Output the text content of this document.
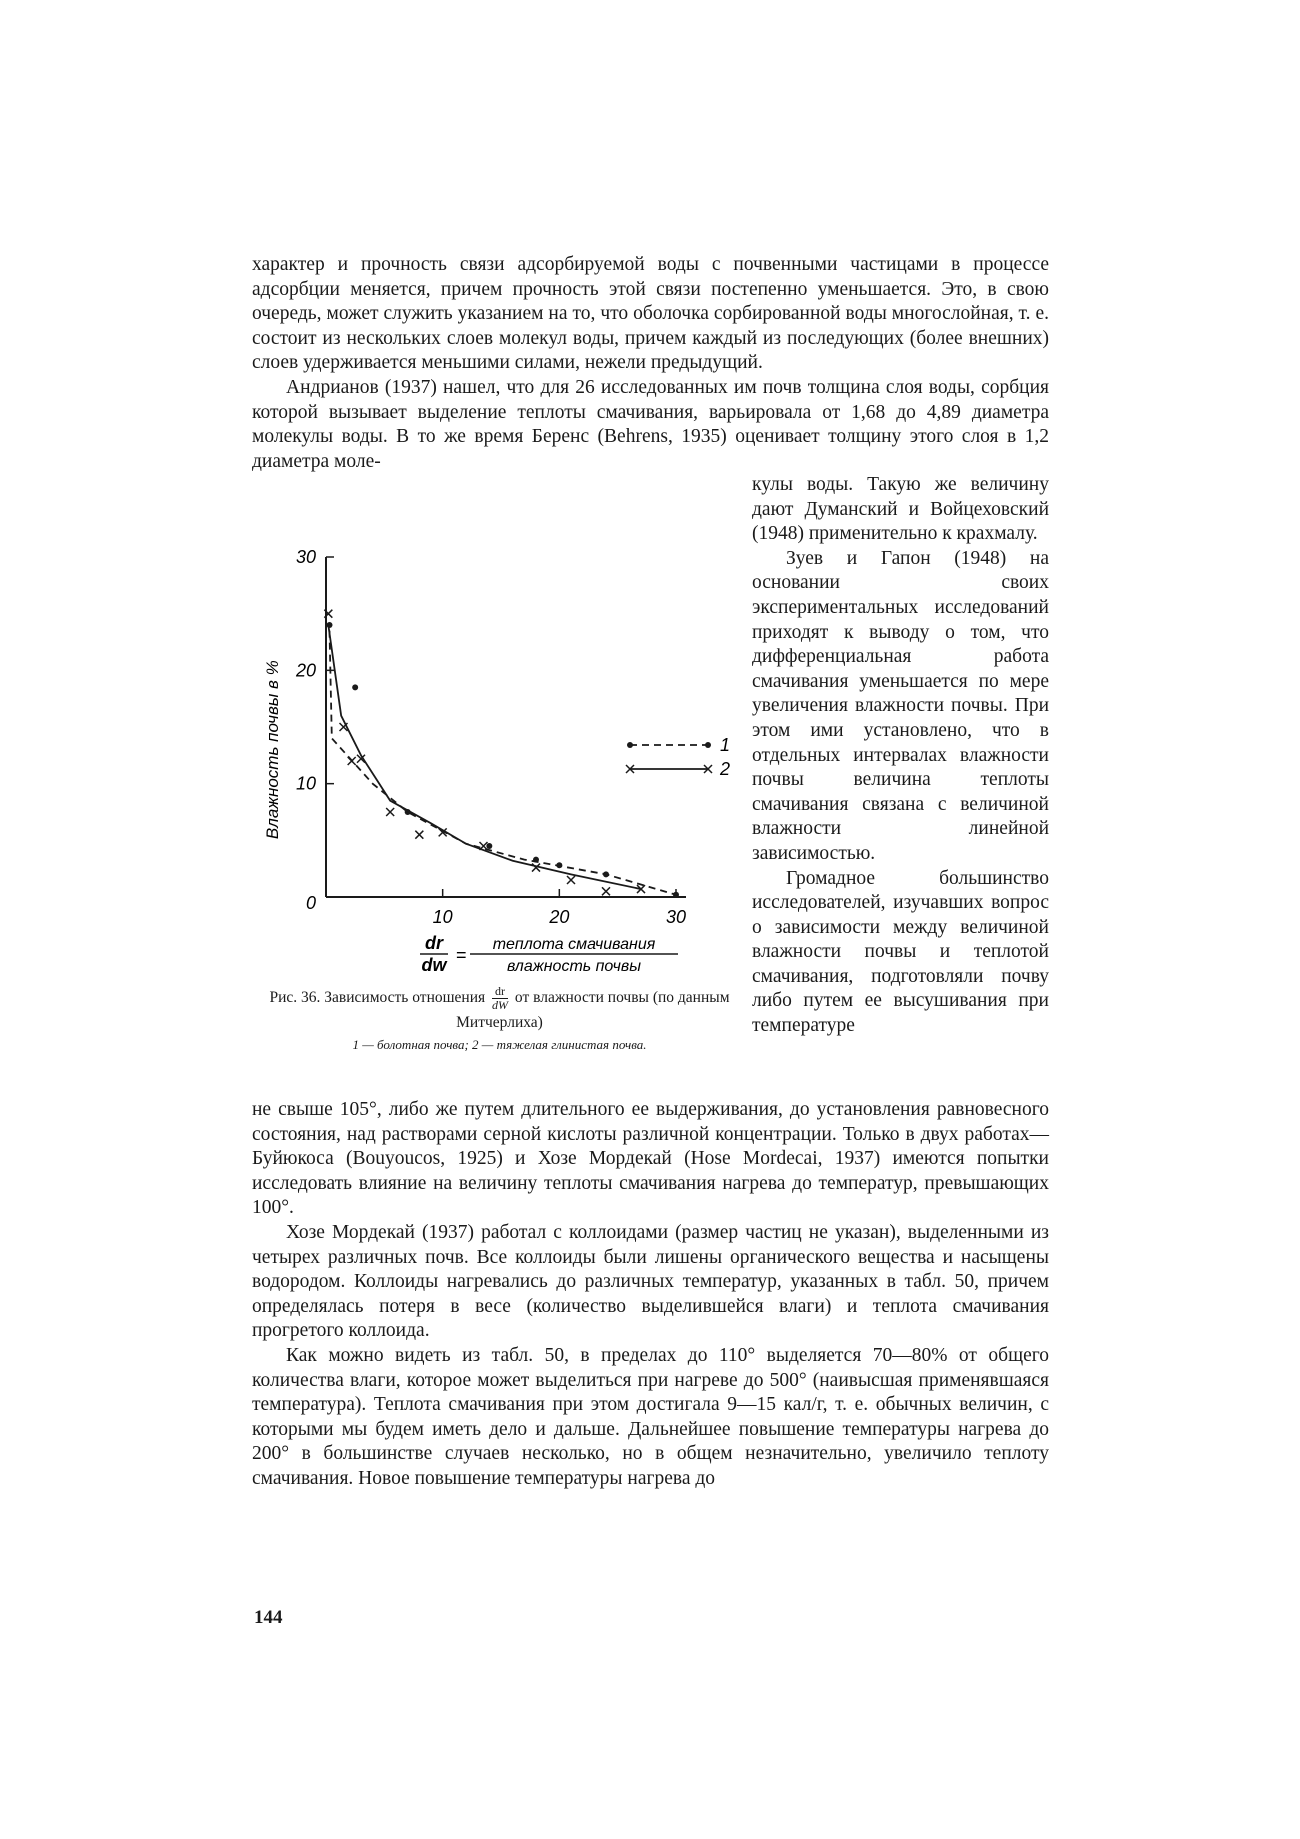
характер и прочность связи адсорбируемой воды с почвенными частицами в процессе адсорбции меняется, причем прочность этой связи постепенно уменьшается. Это, в свою очередь, может служить указанием на то, что оболочка сорбированной воды многослойная, т. е. состоит из нескольких слоев молекул воды, причем каждый из последующих (более внешних) слоев удерживается меньшими силами, нежели предыдущий.

Андрианов (1937) нашел, что для 26 исследованных им почв толщина слоя воды, сорбция которой вызывает выделение теплоты смачивания, варьировала от 1,68 до 4,89 диаметра молекулы воды. В то же время Беренс (Behrens, 1935) оценивает толщину этого слоя в 1,2 диаметра моле-

10	20	30
0
10
20
30
Влажность почвы в %
dr
dw =
теплота смачивания
влажность почвы
1
2

кулы воды. Такую же величину дают Думанский и Войцеховский (1948) применительно к крахмалу.

Зуев и Гапон (1948) на основании своих экспериментальных исследований приходят к выводу о том, что дифференциальная работа смачивания уменьшается по мере увеличения влажности почвы. При этом ими установлено, что в отдельных интервалах влажности почвы величина теплоты смачивания связана с величиной влажности линейной зависимостью.

Громадное большинство исследователей, изучавших вопрос о зависимости между величиной влажности почвы и теплотой смачивания, подготовляли почву либо путем ее высушивания при температуре

Рис. 36. Зависимость отношения $\frac{dr}{dW}$ от влажности почвы (по данным Митчерлиха)
1 — болотная почва; 2 — тяжелая глинистая почва.

не свыше 105°, либо же путем длительного ее выдерживания, до установления равновесного состояния, над растворами серной кислоты различной концентрации. Только в двух работах—Буйюкоса (Bouyoucos, 1925) и Хозе Мордекай (Hose Mordecai, 1937) имеются попытки исследовать влияние на величину теплоты смачивания нагрева до температур, превышающих 100°.

Хозе Мордекай (1937) работал с коллоидами (размер частиц не указан), выделенными из четырех различных почв. Все коллоиды были лишены органического вещества и насыщены водородом. Коллоиды нагревались до различных температур, указанных в табл. 50, причем определялась потеря в весе (количество выделившейся влаги) и теплота смачивания прогретого коллоида.

Как можно видеть из табл. 50, в пределах до 110° выделяется 70—80% от общего количества влаги, которое может выделиться при нагреве до 500° (наивысшая применявшаяся температура). Теплота смачивания при этом достигала 9—15 кал/г, т. е. обычных величин, с которыми мы будем иметь дело и дальше. Дальнейшее повышение температуры нагрева до 200° в большинстве случаев несколько, но в общем незначительно, увеличило теплоту смачивания. Новое повышение температуры нагрева до

144
